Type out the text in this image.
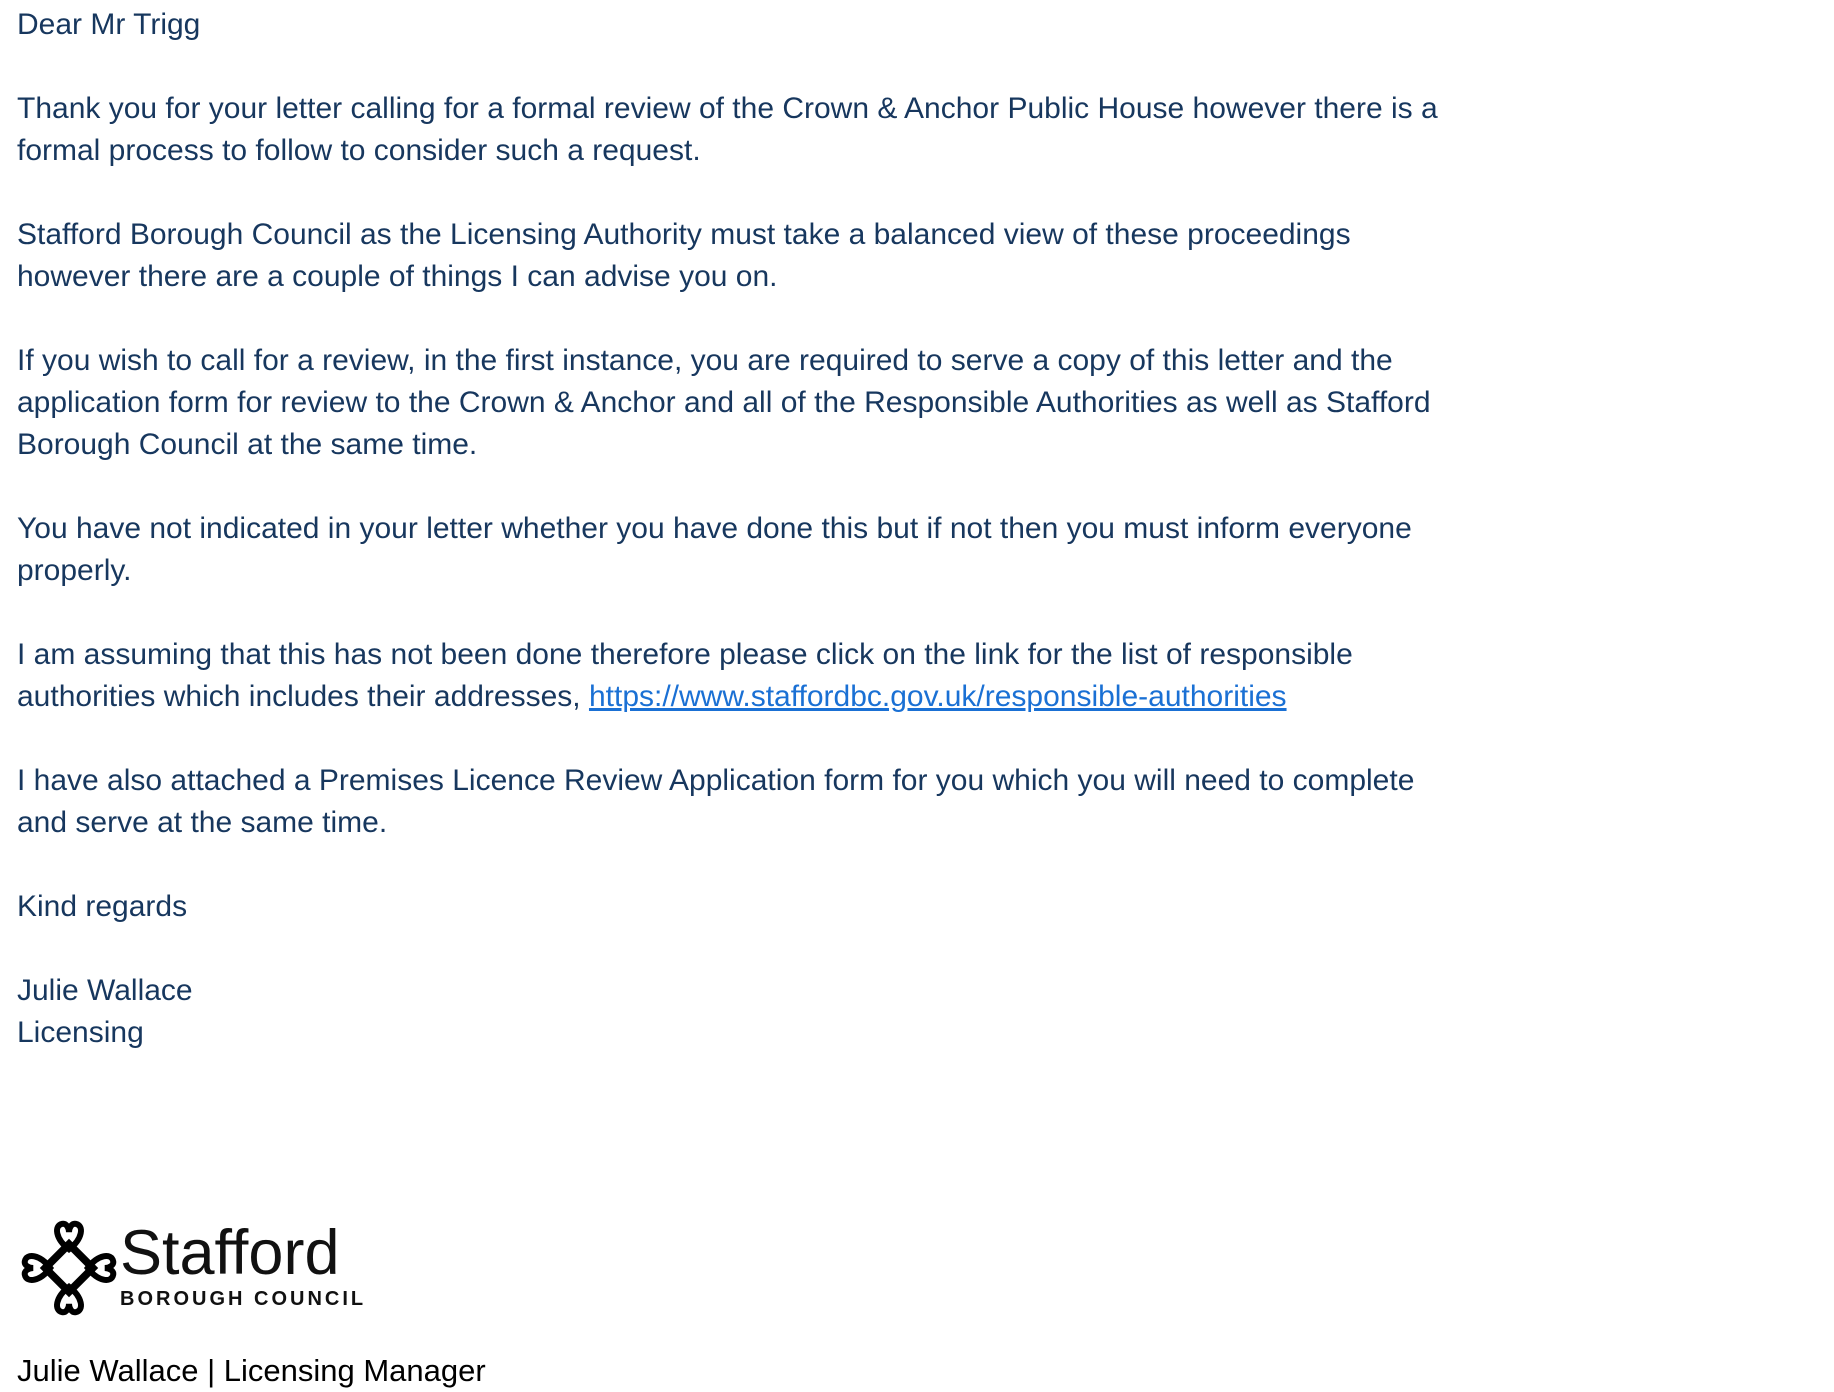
Dear Mr Trigg
Thank you for your letter calling for a formal review of the Crown & Anchor Public House however there is a
formal process to follow to consider such a request.
Stafford Borough Council as the Licensing Authority must take a balanced view of these proceedings
however there are a couple of things I can advise you on.
If you wish to call for a review, in the first instance, you are required to serve a copy of this letter and the
application form for review to the Crown & Anchor and all of the Responsible Authorities as well as Stafford
Borough Council at the same time.
You have not indicated in your letter whether you have done this but if not then you must inform everyone
properly.
I am assuming that this has not been done therefore please click on the link for the list of responsible
authorities which includes their addresses, https://www.staffordbc.gov.uk/responsible-authorities
I have also attached a Premises Licence Review Application form for you which you will need to complete
and serve at the same time.
Kind regards
Julie Wallace
Licensing
Stafford
BOROUGH COUNCIL
Julie Wallace | Licensing Manager
